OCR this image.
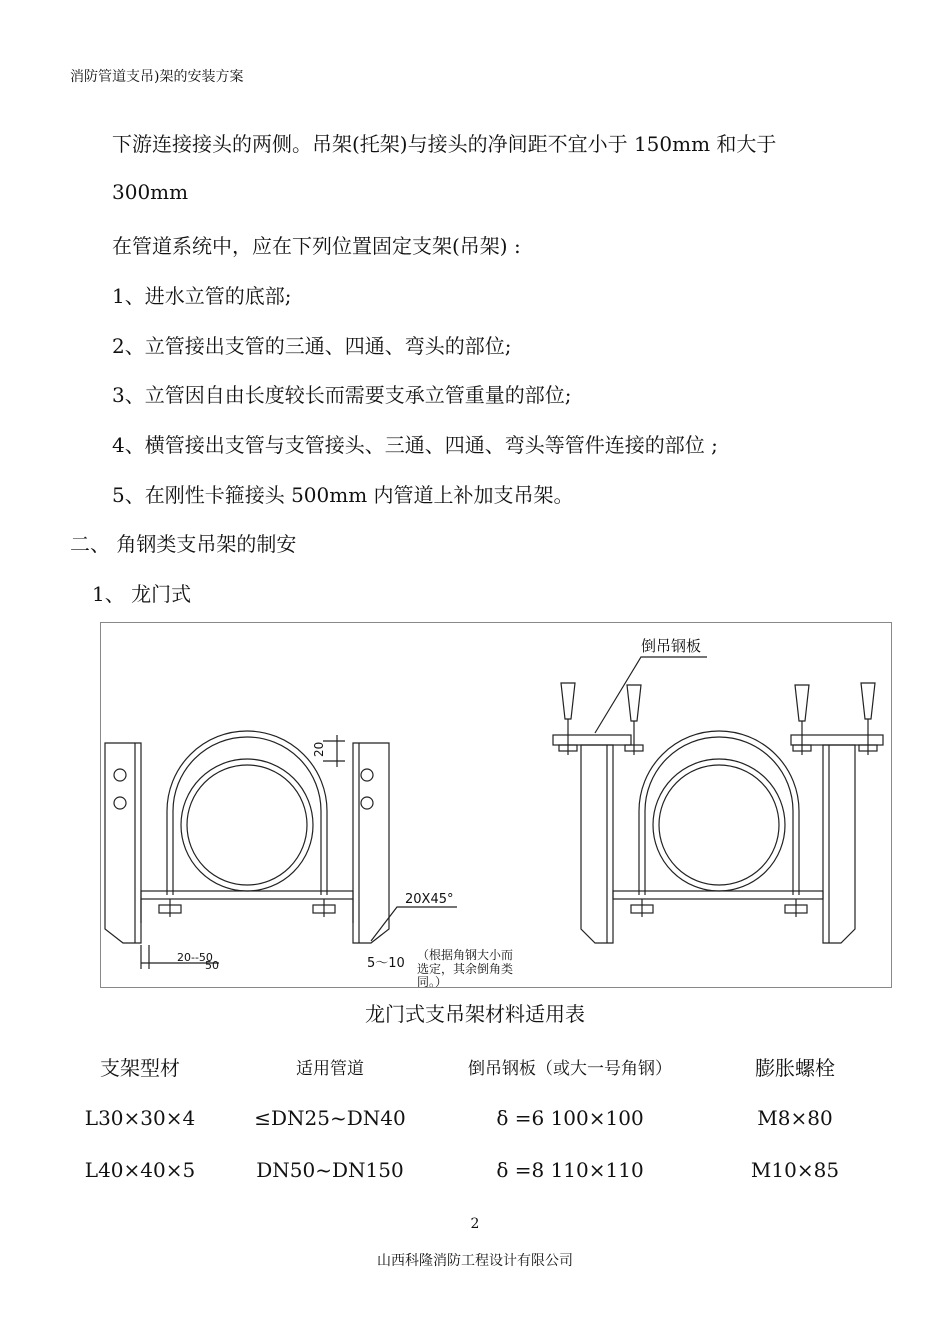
消防管道支吊)架的安装方案
下游连接接头的两侧。吊架(托架)与接头的净间距不宜小于 150mm 和大于
300mm
在管道系统中，应在下列位置固定支架(吊架) :
1、进水立管的底部;
2、立管接出支管的三通、四通、弯头的部位;
3、立管因自由长度较长而需要支承立管重量的部位;
4、横管接出支管与支管接头、三通、四通、弯头等管件连接的部位 ;
5、在刚性卡箍接头 500mm 内管道上补加支吊架。
二、 角钢类支吊架的制安
1、 龙门式
倒吊钢板
20
20X45°
20--50
50	5～10
（根据角钢大小而
选定，其余倒角类
同。）
龙门式支吊架材料适用表
支架型材	适用管道	倒吊钢板（或大一号角钢）	膨胀螺栓
L30×30×4	≤DN25~DN40	δ =6 100×100	M8×80
L40×40×5	DN50~DN150	δ =8 110×110	M10×85
2
山西科隆消防工程设计有限公司
